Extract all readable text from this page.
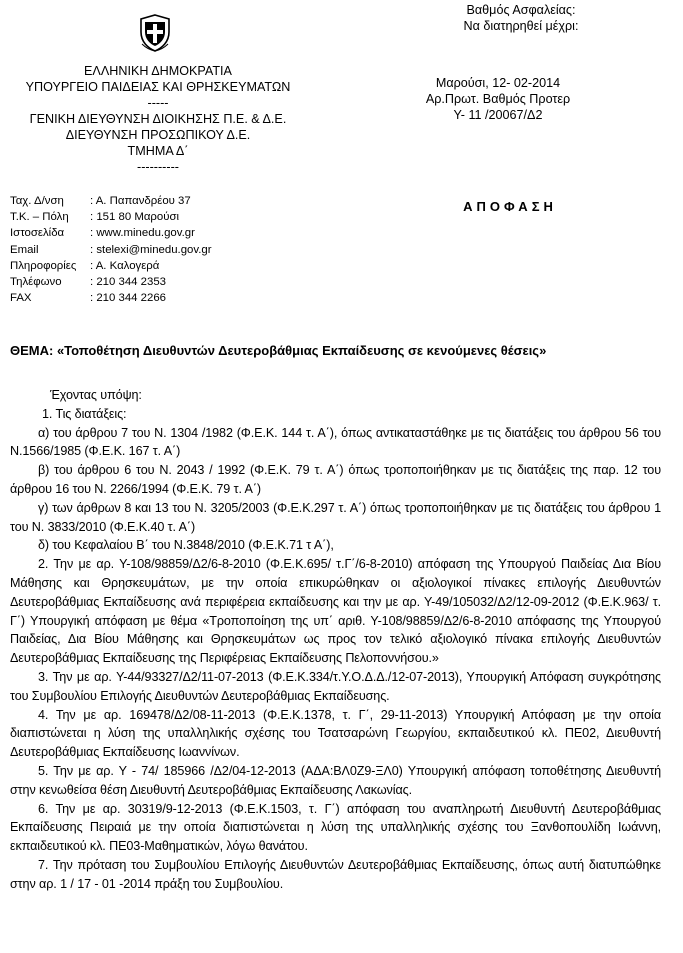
Βαθμός Ασφαλείας:
Να διατηρηθεί μέχρι:
ΕΛΛΗΝΙΚΗ ΔΗΜΟΚΡΑΤΙΑ
ΥΠΟΥΡΓΕΙΟ ΠΑΙΔΕΙΑΣ ΚΑΙ ΘΡΗΣΚΕΥΜΑΤΩΝ
-----
ΓΕΝΙΚΗ ΔΙΕΥΘΥΝΣΗ ΔΙΟΙΚΗΣΗΣ Π.Ε. & Δ.Ε.
ΔΙΕΥΘΥΝΣΗ ΠΡΟΣΩΠΙΚΟΥ Δ.Ε.
ΤΜΗΜΑ Δ΄
----------
Μαρούσι, 12- 02-2014
Αρ.Πρωτ. Βαθμός Προτερ
Υ- 11 /20067/Δ2
ΑΠΟΦΑΣΗ
Ταχ. Δ/νση	: Α. Παπανδρέου 37
Τ.Κ. – Πόλη	: 151 80 Μαρούσι
Ιστοσελίδα	: www.minedu.gov.gr
Email	: stelexi@minedu.gov.gr
Πληροφορίες	: Α. Καλογερά
Τηλέφωνο	: 210 344 2353
FAX	: 210 344 2266
ΘΕΜΑ: «Τοποθέτηση Διευθυντών Δευτεροβάθμιας Εκπαίδευσης σε κενούμενες θέσεις»

Έχοντας υπόψη:

1. Τις διατάξεις:

α) του άρθρου 7 του Ν. 1304 /1982 (Φ.Ε.Κ. 144 τ. Α΄), όπως αντικαταστάθηκε με τις διατάξεις του άρθρου 56 του Ν.1566/1985 (Φ.Ε.Κ. 167 τ. Α΄)

β) του άρθρου 6 του Ν. 2043 / 1992 (Φ.Ε.Κ. 79 τ. Α΄) όπως τροποποιήθηκαν με τις διατάξεις της παρ. 12 του άρθρου 16 του Ν. 2266/1994 (Φ.Ε.Κ. 79 τ. Α΄)

γ) των άρθρων 8 και 13 του Ν. 3205/2003 (Φ.Ε.Κ.297 τ. Α΄) όπως τροποποιήθηκαν με τις διατάξεις του άρθρου 1 του Ν. 3833/2010 (Φ.Ε.Κ.40 τ. Α΄)

δ) του Κεφαλαίου Β΄ του Ν.3848/2010 (Φ.Ε.Κ.71 τ Α΄),

2. Την με αρ. Υ-108/98859/Δ2/6-8-2010 (Φ.Ε.Κ.695/ τ.Γ΄/6-8-2010) απόφαση της Υπουργού Παιδείας Δια Βίου Μάθησης και Θρησκευμάτων, με την οποία επικυρώθηκαν οι αξιολογικοί πίνακες επιλογής Διευθυντών Δευτεροβάθμιας Εκπαίδευσης ανά περιφέρεια εκπαίδευσης και την με αρ. Υ-49/105032/Δ2/12-09-2012 (Φ.Ε.Κ.963/ τ. Γ΄) Υπουργική απόφαση με θέμα «Τροποποίηση της υπ΄ αριθ. Υ-108/98859/Δ2/6-8-2010 απόφασης της Υπουργού Παιδείας, Δια Βίου Μάθησης και Θρησκευμάτων ως προς τον τελικό αξιολογικό πίνακα επιλογής Διευθυντών Δευτεροβάθμιας Εκπαίδευσης της Περιφέρειας Εκπαίδευσης Πελοποννήσου.»

3. Την με αρ. Υ-44/93327/Δ2/11-07-2013 (Φ.Ε.Κ.334/τ.Υ.Ο.Δ.Δ./12-07-2013), Υπουργική Απόφαση συγκρότησης του Συμβουλίου Επιλογής Διευθυντών Δευτεροβάθμιας Εκπαίδευσης.

4. Την με αρ. 169478/Δ2/08-11-2013 (Φ.Ε.Κ.1378, τ. Γ΄, 29-11-2013) Υπουργική Απόφαση με την οποία διαπιστώνεται η λύση της υπαλληλικής σχέσης του Τσατσαρώνη Γεωργίου, εκπαιδευτικού κλ. ΠΕ02, Διευθυντή Δευτεροβάθμιας Εκπαίδευσης Ιωαννίνων.

5. Την με αρ. Υ - 74/ 185966 /Δ2/04-12-2013 (ΑΔΑ:ΒΛ0Ζ9-ΞΛ0) Υπουργική απόφαση τοποθέτησης Διευθυντή στην κενωθείσα θέση Διευθυντή Δευτεροβάθμιας Εκπαίδευσης Λακωνίας.

6. Την με αρ. 30319/9-12-2013 (Φ.Ε.Κ.1503, τ. Γ΄) απόφαση του αναπληρωτή Διευθυντή Δευτεροβάθμιας Εκπαίδευσης Πειραιά με την οποία διαπιστώνεται η λύση της υπαλληλικής σχέσης του Ξανθοπουλίδη Ιωάννη, εκπαιδευτικού κλ. ΠΕ03-Μαθηματικών, λόγω θανάτου.

7. Την πρόταση του Συμβουλίου Επιλογής Διευθυντών Δευτεροβάθμιας Εκπαίδευσης, όπως αυτή διατυπώθηκε στην αρ. 1 / 17 - 01 -2014 πράξη του Συμβουλίου.
